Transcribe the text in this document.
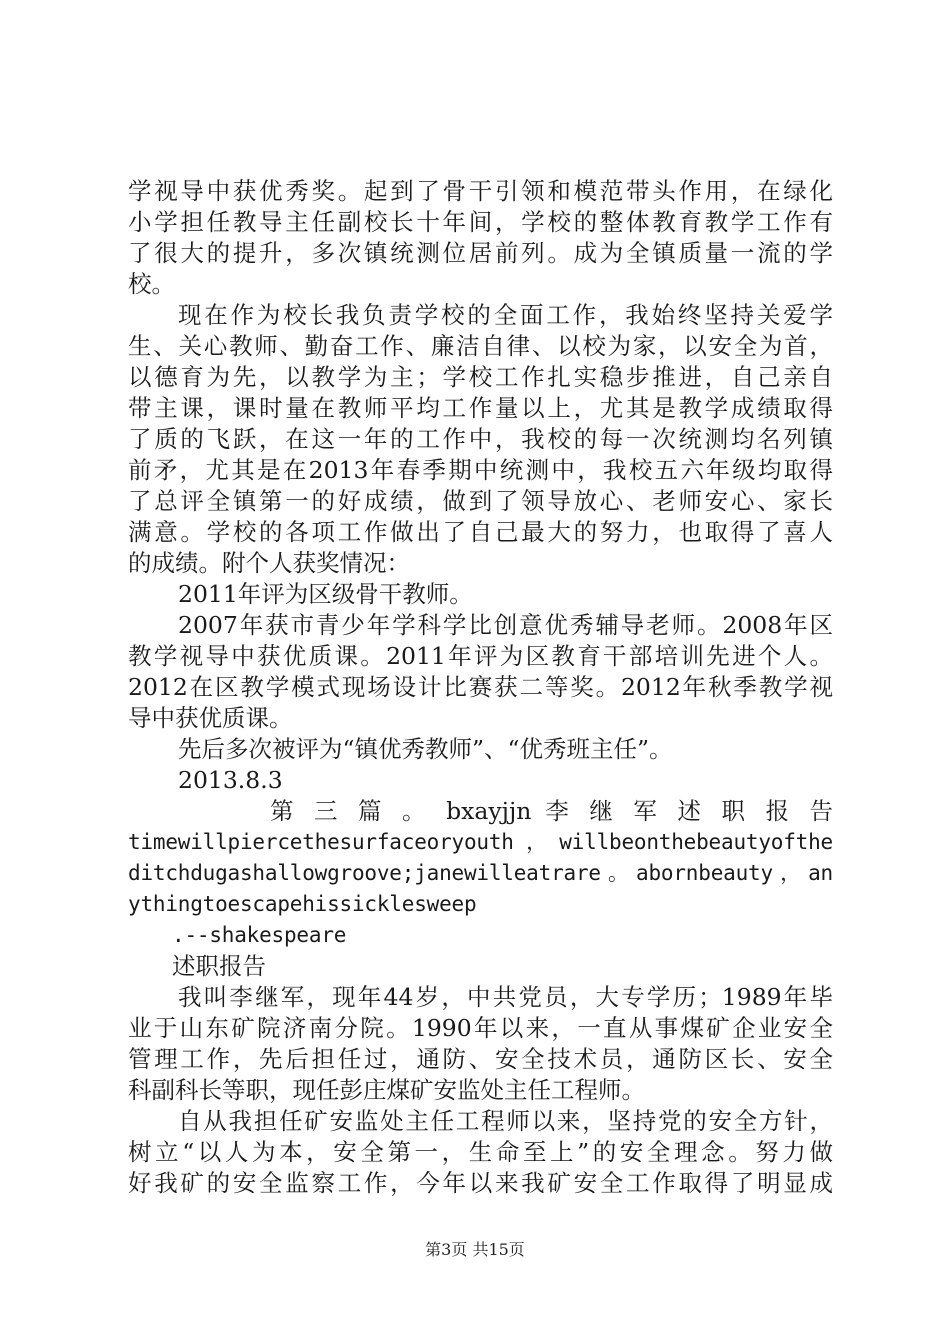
学视导中获优秀奖。起到了骨干引领和模范带头作用，在绿化
小学担任教导主任副校长十年间，学校的整体教育教学工作有
了很大的提升，多次镇统测位居前列。成为全镇质量一流的学
校。
现在作为校长我负责学校的全面工作，我始终坚持关爱学
生、关心教师、勤奋工作、廉洁自律、以校为家，以安全为首，
以德育为先，以教学为主；学校工作扎实稳步推进，自己亲自
带主课，课时量在教师平均工作量以上，尤其是教学成绩取得
了质的飞跃，在这一年的工作中，我校的每一次统测均名列镇
前矛，尤其是在2013年春季期中统测中，我校五六年级均取得
了总评全镇第一的好成绩，做到了领导放心、老师安心、家长
满意。学校的各项工作做出了自己最大的努力，也取得了喜人
的成绩。附个人获奖情况：
2011年评为区级骨干教师。
2007年获市青少年学科学比创意优秀辅导老师。2008年区
教学视导中获优质课。2011年评为区教育干部培训先进个人。
2012在区教学模式现场设计比赛获二等奖。2012年秋季教学视
导中获优质课。
先后多次被评为“镇优秀教师”、“优秀班主任”。
2013.8.3
第 三 篇 。 bxayjjn 李 继 军 述 职 报 告
timewillpiercethesurfaceoryouth，willbeonthebeautyofthe
ditchdugashallowgroove;janewilleatrare。abornbeauty，an
ythingtoescapehissicklesweep
.--shakespeare
述职报告
我叫李继军，现年44岁，中共党员，大专学历；1989年毕
业于山东矿院济南分院。1990年以来，一直从事煤矿企业安全
管理工作，先后担任过，通防、安全技术员，通防区长、安全
科副科长等职，现任彭庄煤矿安监处主任工程师。
自从我担任矿安监处主任工程师以来，坚持党的安全方针，
树立“以人为本，安全第一，生命至上”的安全理念。努力做
好我矿的安全监察工作，今年以来我矿安全工作取得了明显成
第3页 共15页
